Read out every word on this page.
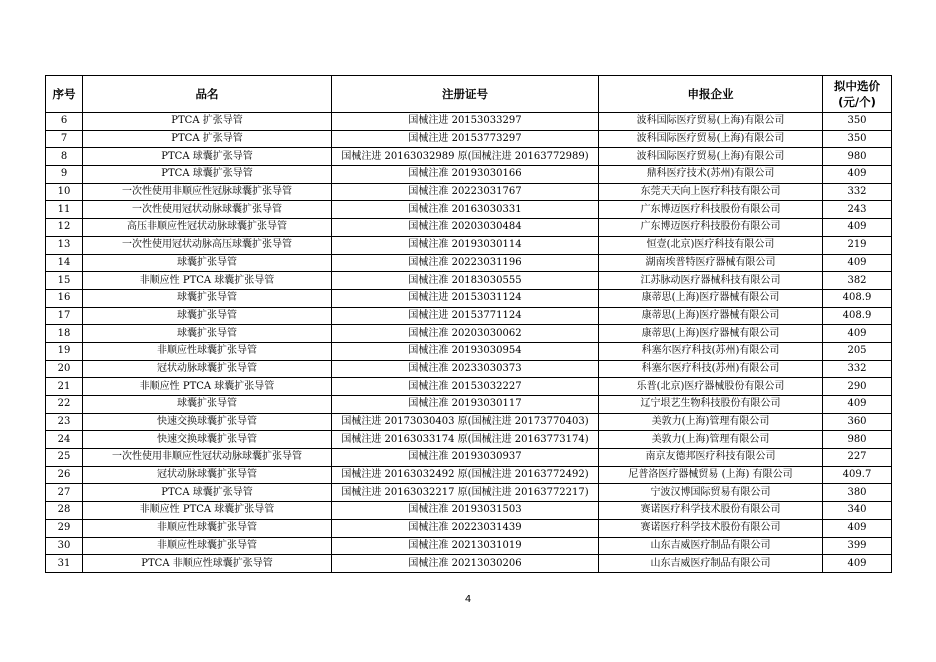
序号	品名	注册证号	申报企业	拟中选价
(元/个)
6	PTCA 扩张导管	国械注进 20153033297	波科国际医疗贸易(上海)有限公司	350
7	PTCA 扩张导管	国械注进 20153773297	波科国际医疗贸易(上海)有限公司	350
8	PTCA 球囊扩张导管	国械注进 20163032989 原(国械注进 20163772989)	波科国际医疗贸易(上海)有限公司	980
9	PTCA 球囊扩张导管	国械注准 20193030166	鼎科医疗技术(苏州)有限公司	409
10	一次性使用非顺应性冠脉球囊扩张导管	国械注准 20223031767	东莞天天向上医疗科技有限公司	332
11	一次性使用冠状动脉球囊扩张导管	国械注准 20163030331	广东博迈医疗科技股份有限公司	243
12	高压非顺应性冠状动脉球囊扩张导管	国械注准 20203030484	广东博迈医疗科技股份有限公司	409
13	一次性使用冠状动脉高压球囊扩张导管	国械注准 20193030114	恒壹(北京)医疗科技有限公司	219
14	球囊扩张导管	国械注准 20223031196	湖南埃普特医疗器械有限公司	409
15	非顺应性 PTCA 球囊扩张导管	国械注准 20183030555	江苏脉动医疗器械科技有限公司	382
16	球囊扩张导管	国械注进 20153031124	康蒂思(上海)医疗器械有限公司	408.9
17	球囊扩张导管	国械注进 20153771124	康蒂思(上海)医疗器械有限公司	408.9
18	球囊扩张导管	国械注准 20203030062	康蒂思(上海)医疗器械有限公司	409
19	非顺应性球囊扩张导管	国械注准 20193030954	科塞尔医疗科技(苏州)有限公司	205
20	冠状动脉球囊扩张导管	国械注准 20233030373	科塞尔医疗科技(苏州)有限公司	332
21	非顺应性 PTCA 球囊扩张导管	国械注准 20153032227	乐普(北京)医疗器械股份有限公司	290
22	球囊扩张导管	国械注准 20193030117	辽宁垠艺生物科技股份有限公司	409
23	快速交换球囊扩张导管	国械注进 20173030403 原(国械注进 20173770403)	美敦力(上海)管理有限公司	360
24	快速交换球囊扩张导管	国械注进 20163033174 原(国械注进 20163773174)	美敦力(上海)管理有限公司	980
25	一次性使用非顺应性冠状动脉球囊扩张导管	国械注准 20193030937	南京友德邦医疗科技有限公司	227
26	冠状动脉球囊扩张导管	国械注进 20163032492 原(国械注进 20163772492)	尼普洛医疗器械贸易 (上海) 有限公司	409.7
27	PTCA 球囊扩张导管	国械注进 20163032217 原(国械注进 20163772217)	宁波汉博国际贸易有限公司	380
28	非顺应性 PTCA 球囊扩张导管	国械注准 20193031503	赛诺医疗科学技术股份有限公司	340
29	非顺应性球囊扩张导管	国械注准 20223031439	赛诺医疗科学技术股份有限公司	409
30	非顺应性球囊扩张导管	国械注准 20213031019	山东吉威医疗制品有限公司	399
31	PTCA 非顺应性球囊扩张导管	国械注准 20213030206	山东吉威医疗制品有限公司	409
4
